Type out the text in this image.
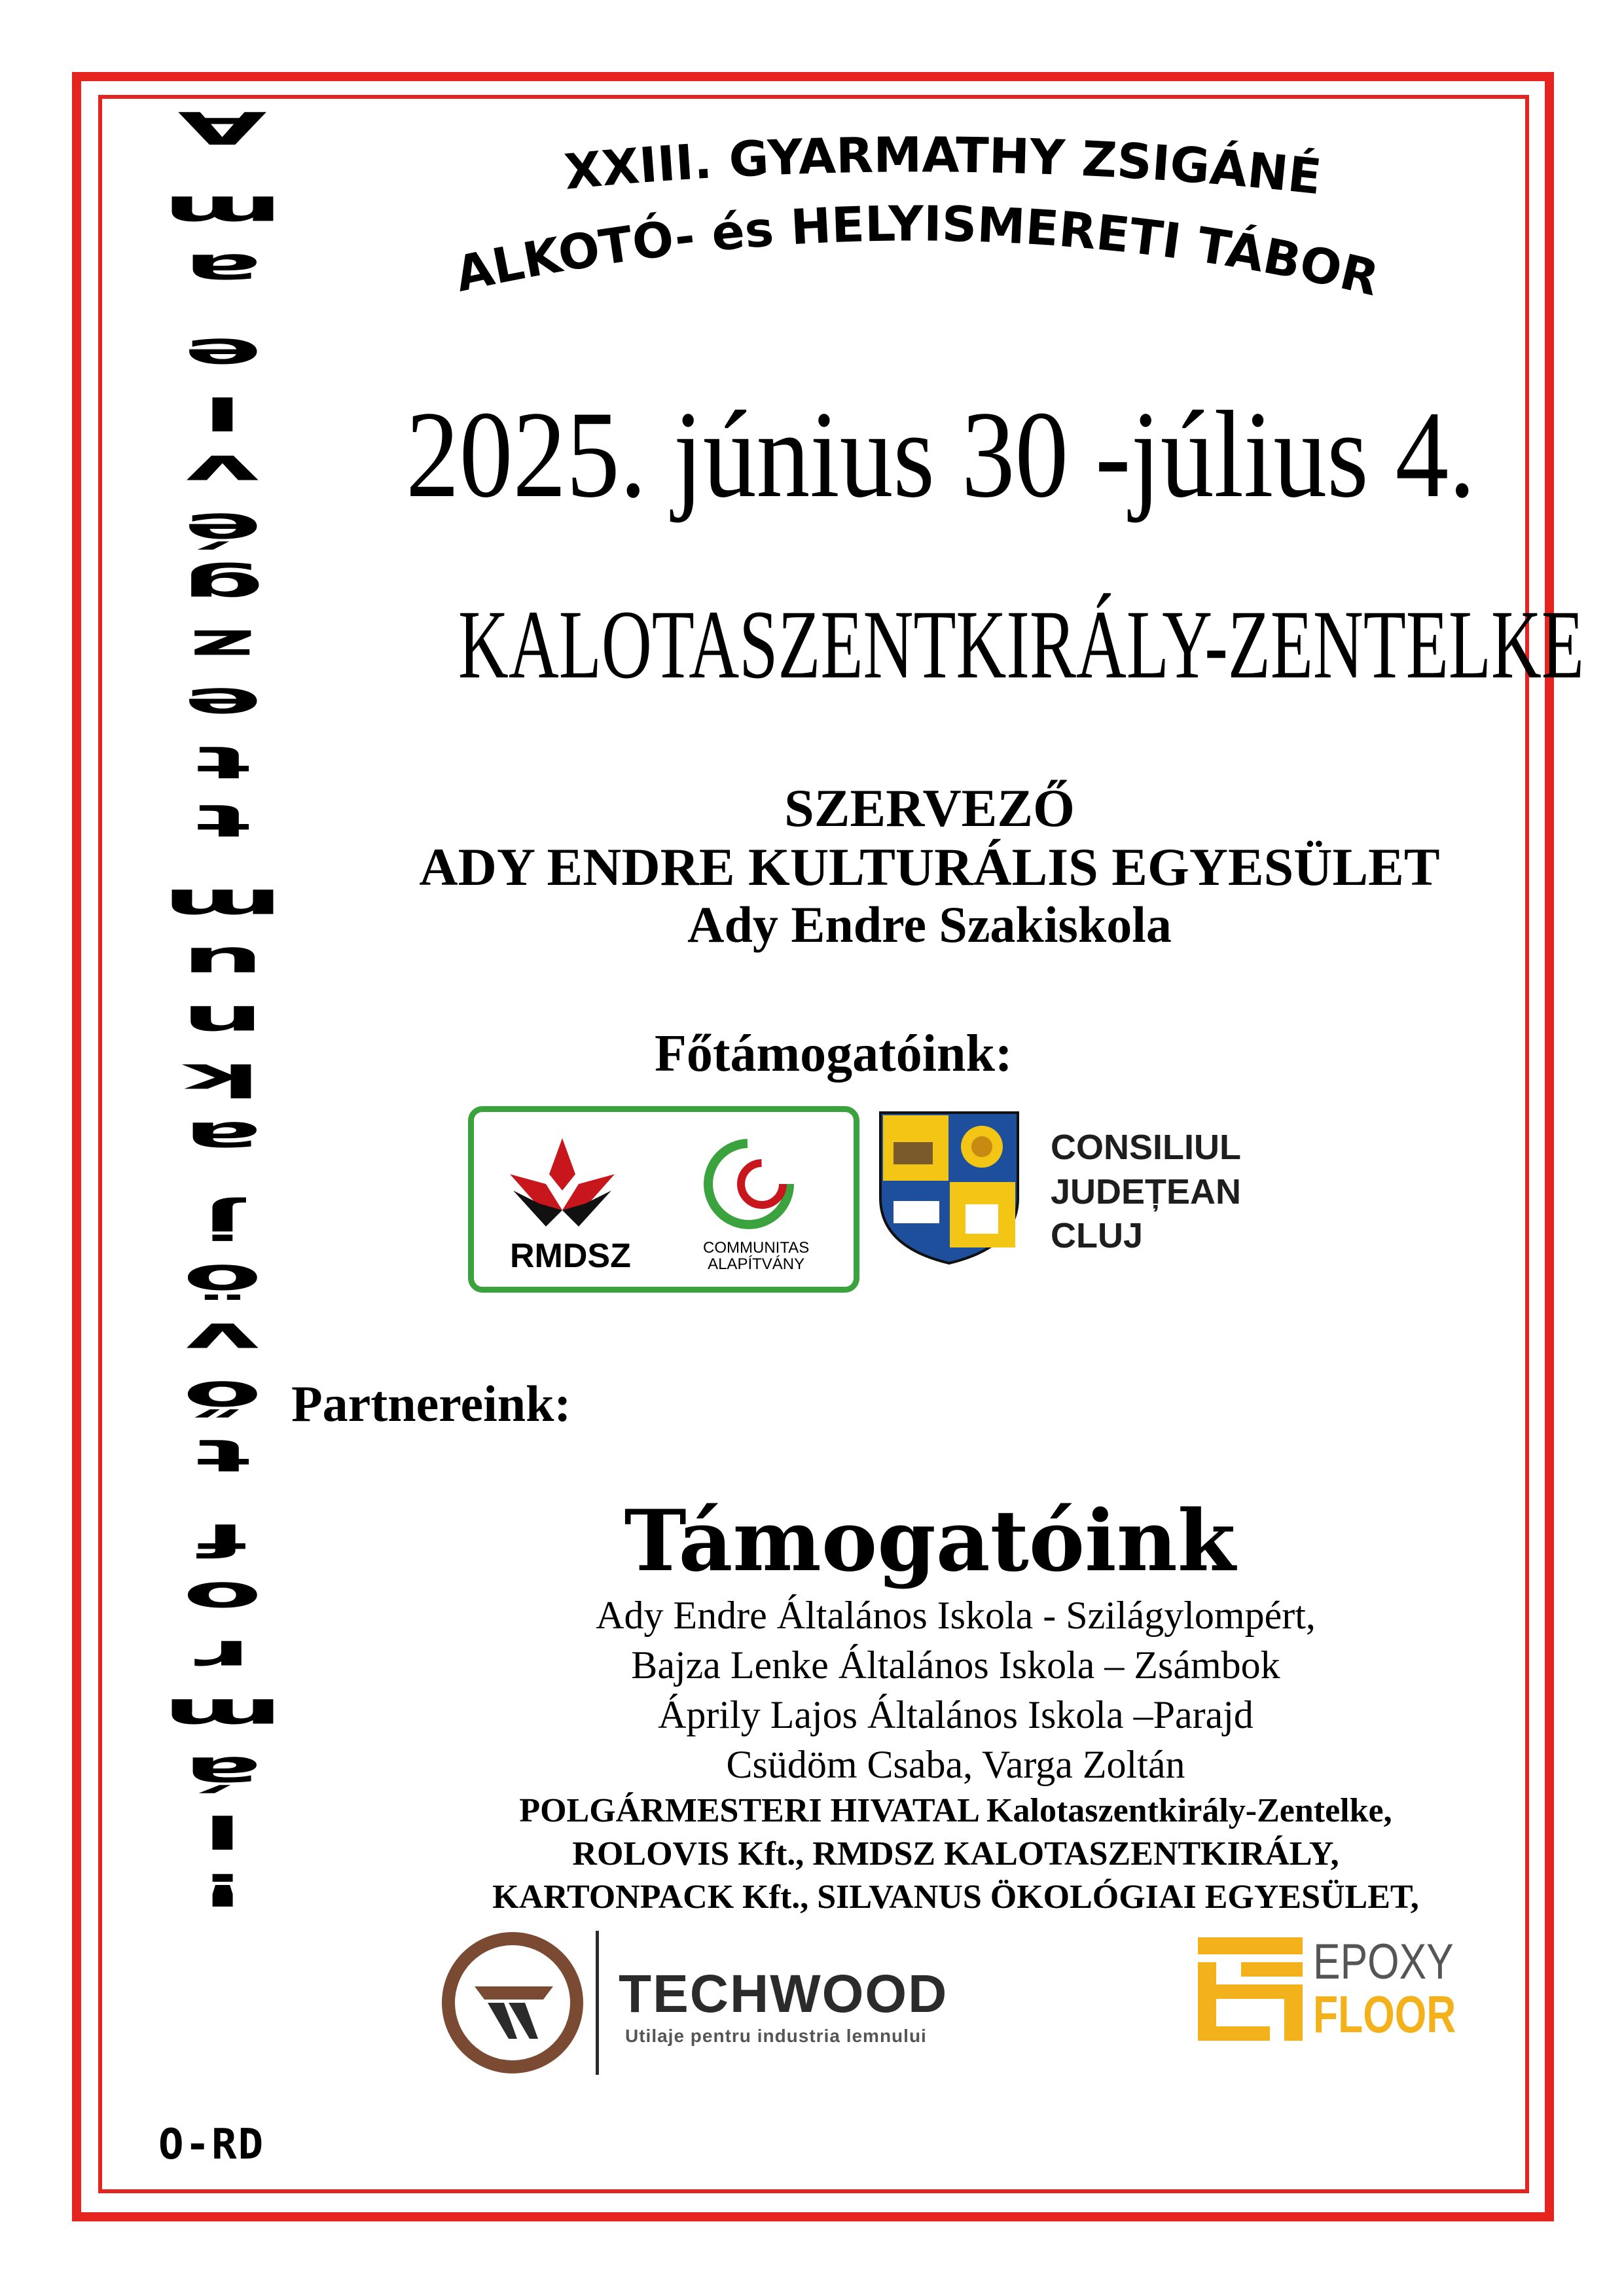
A
m
a
e
l
v
é
g
z
e
t
t
m
u
n
k
a
j
ö
v
ő
t
f
o
r
m
á
l
!
O-RD
XXIII. GYARMATHY ZSIGÁNÉ
ALKOTÓ- és HELYISMERETI TÁBOR
2025. június 30 -július 4.
KALOTASZENTKIRÁLY-ZENTELKE
SZERVEZŐ
ADY ENDRE KULTURÁLIS EGYESÜLET
Ady Endre Szakiskola
Főtámogatóink:
RMDSZ	COMMUNITAS
ALAPÍTVÁNY
CONSILIUL
JUDEȚEAN
CLUJ
Partnereink:
Támogatóink
Ady Endre Általános Iskola - Szilágylompért,
Bajza Lenke Általános Iskola – Zsámbok
Áprily Lajos Általános Iskola –Parajd
Csüdöm Csaba, Varga Zoltán
POLGÁRMESTERI HIVATAL Kalotaszentkirály-Zentelke,
ROLOVIS Kft., RMDSZ KALOTASZENTKIRÁLY,
KARTONPACK Kft., SILVANUS ÖKOLÓGIAI EGYESÜLET,
TECHWOOD
Utilaje pentru industria lemnului
EPOXY
FLOOR
